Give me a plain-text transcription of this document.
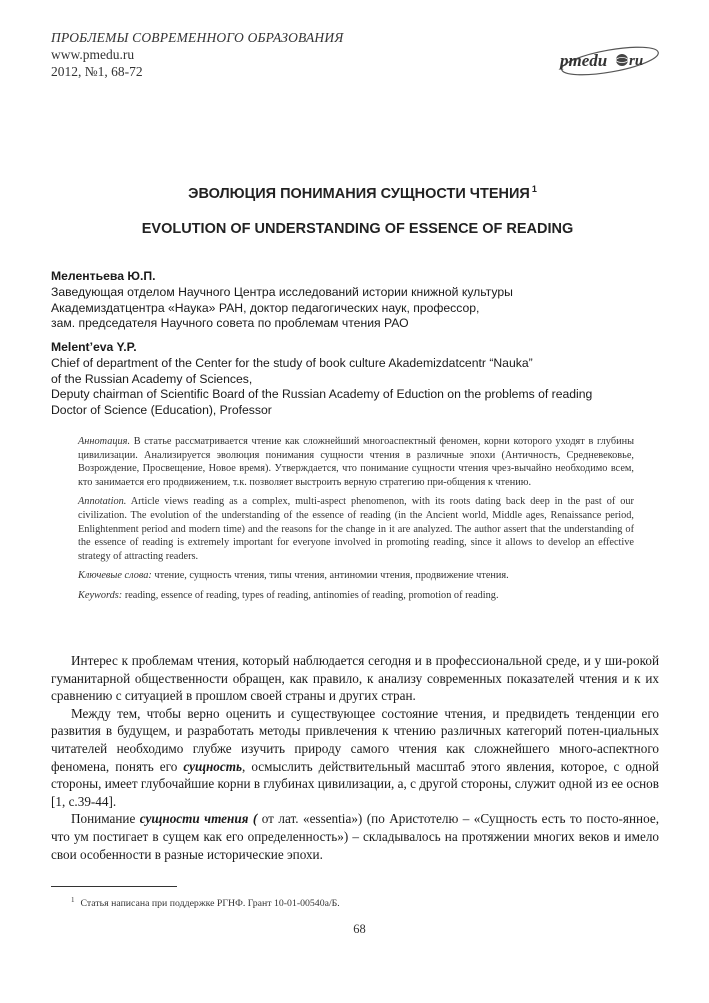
ПРОБЛЕМЫ СОВРЕМЕННОГО ОБРАЗОВАНИЯ
www.pmedu.ru
2012, №1, 68-72
pmedu ru
ЭВОЛЮЦИЯ ПОНИМАНИЯ СУЩНОСТИ ЧТЕНИЯ $^1$
EVOLUTION OF UNDERSTANDING OF ESSENCE OF READING
Мелентьева Ю.П.
Заведующая отделом Научного Центра исследований истории книжной культуры
Академиздатцентра «Наука» РАН, доктор педагогических наук, профессор,
зам. председателя Научного совета по проблемам чтения РАО
Melent’eva Y.P.
Chief of department of the Center for the study of book culture Akademizdatcentr “Nauka”
of the Russian Academy of Sciences,
Deputy chairman of Scientific Board of the Russian Academy of Eduction on the problems of reading
Doctor of Science (Education), Professor

Аннотация. В статье рассматривается чтение как сложнейший многоаспектный феномен, корни которого уходят в глубины цивилизации. Анализируется эволюция понимания сущности чтения в различные эпохи (Античность, Средневековье, Возрождение, Просвещение, Новое время). Утверждается, что понимание сущности чтения чрез-вычайно необходимо всем, кто занимается его продвижением, т.к. позволяет выстроить верную стратегию при-общения к чтению.

Annotation. Article views reading as a complex, multi-aspect phenomenon, with its roots dating back deep in the past of our civilization. The evolution of the understanding of the essence of reading (in the Ancient world, Middle ages, Renaissance period, Enlightenment period and modern time) and the reasons for the change in it are analyzed. The author assert that the understanding of the essence of reading is extremely important for everyone involved in promoting reading, since it allows to develop an effective strategy of attracting readers.

Ключевые слова: чтение, сущность чтения, типы чтения, антиномии чтения, продвижение чтения.

Keywords: reading, essence of reading, types of reading, antinomies of reading, promotion of reading.

Интерес к проблемам чтения, который наблюдается сегодня и в профессиональной среде, и у ши-рокой гуманитарной общественности обращен, как правило, к анализу современных показателей чтения и к их сравнению с ситуацией в прошлом своей страны и других стран.

Между тем, чтобы верно оценить и существующее состояние чтения, и предвидеть тенденции его развития в будущем, и разработать методы привлечения к чтению различных категорий потен-циальных читателей необходимо глубже изучить природу самого чтения как сложнейшего много-аспектного феномена, понять его сущность, осмыслить действительный масштаб этого явления, которое, с одной стороны, имеет глубочайшие корни в глубинах цивилизации, а, с другой стороны, служит одной из ее основ [1, с.39-44].

Понимание сущности чтения ( от лат. «essentia») (по Аристотелю – «Сущность есть то посто-янное, что ум постигает в сущем как его определенность») – складывалось на протяжении многих веков и имело свои особенности в разные исторические эпохи.

$^1$ Статья написана при поддержке РГНФ. Грант 10-01-00540а/Б.
68
